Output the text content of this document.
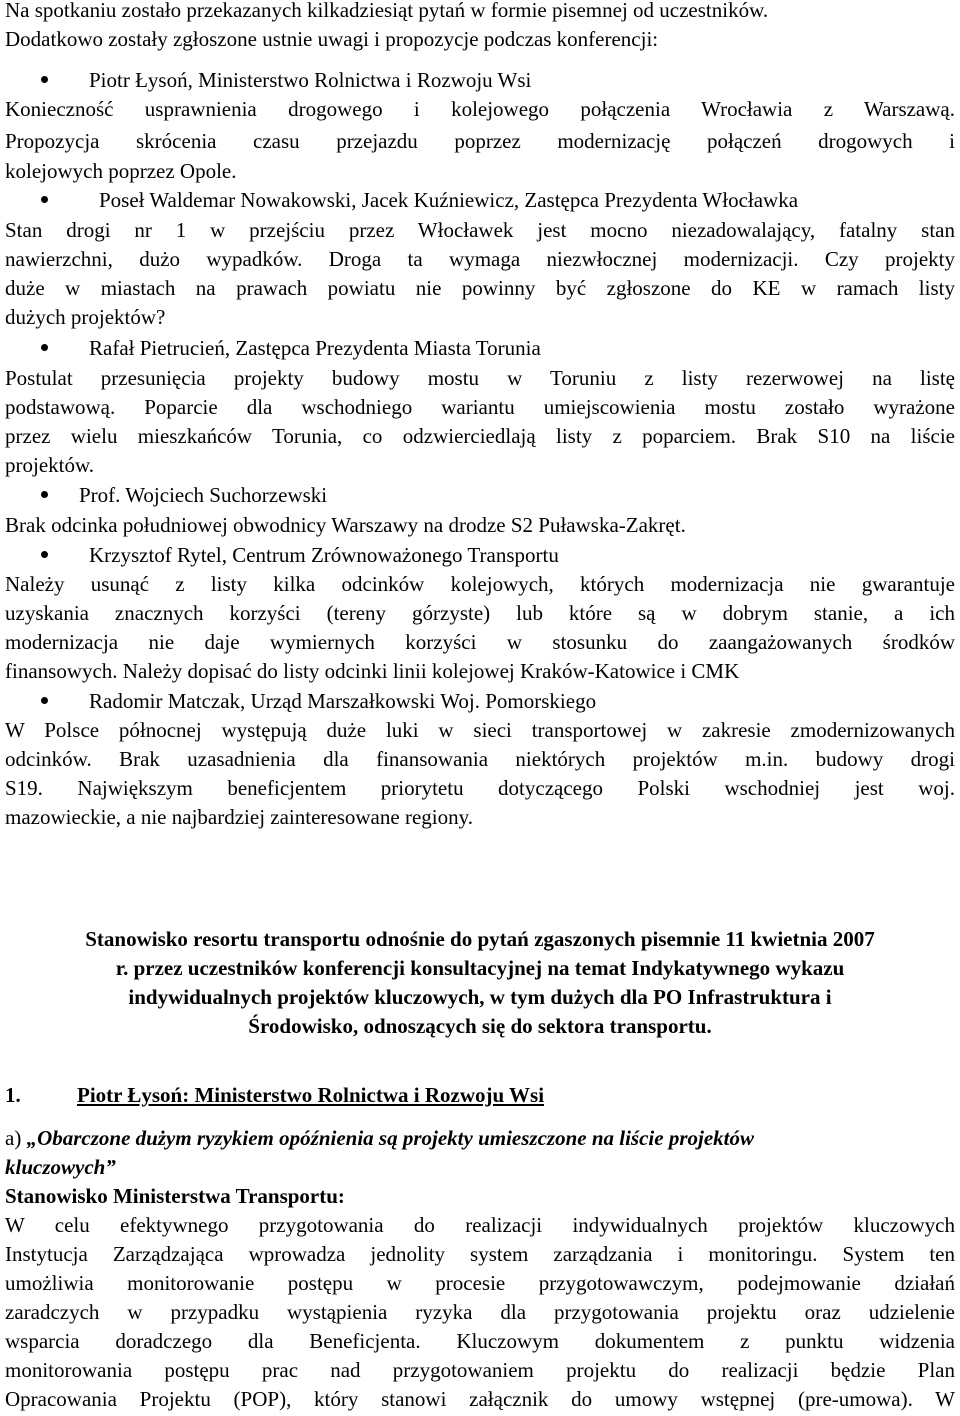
Na spotkaniu zostało przekazanych kilkadziesiąt pytań w formie pisemnej od uczestników.
Dodatkowo zostały zgłoszone ustnie uwagi i propozycje podczas konferencji:
Piotr Łysoń, Ministerstwo Rolnictwa i Rozwoju Wsi
Konieczność usprawnienia drogowego i kolejowego połączenia Wrocławia z Warszawą.
Propozycja skrócenia czasu przejazdu poprzez modernizację połączeń drogowych i
kolejowych poprzez Opole.
Poseł Waldemar Nowakowski, Jacek Kuźniewicz, Zastępca Prezydenta Włocławka
Stan drogi nr 1 w przejściu przez Włocławek jest mocno niezadowalający, fatalny stan
nawierzchni, dużo wypadków. Droga ta wymaga niezwłocznej modernizacji. Czy projekty
duże w miastach na prawach powiatu nie powinny być zgłoszone do KE w ramach listy
dużych projektów?
Rafał Pietrucień, Zastępca Prezydenta Miasta Torunia
Postulat przesunięcia projekty budowy mostu w Toruniu z listy rezerwowej na listę
podstawową. Poparcie dla wschodniego wariantu umiejscowienia mostu zostało wyrażone
przez wielu mieszkańców Torunia, co odzwierciedlają listy z poparciem. Brak S10 na liście
projektów.
Prof. Wojciech Suchorzewski
Brak odcinka południowej obwodnicy Warszawy na drodze S2 Puławska-Zakręt.
Krzysztof Rytel, Centrum Zrównoważonego Transportu
Należy usunąć z listy kilka odcinków kolejowych, których modernizacja nie gwarantuje
uzyskania znacznych korzyści (tereny górzyste) lub które są w dobrym stanie, a ich
modernizacja nie daje wymiernych korzyści w stosunku do zaangażowanych środków
finansowych. Należy dopisać do listy odcinki linii kolejowej Kraków-Katowice i CMK
Radomir Matczak, Urząd Marszałkowski Woj. Pomorskiego
W Polsce północnej występują duże luki w sieci transportowej w zakresie zmodernizowanych
odcinków. Brak uzasadnienia dla finansowania niektórych projektów m.in. budowy drogi
S19. Największym beneficjentem priorytetu dotyczącego Polski wschodniej jest woj.
mazowieckie, a nie najbardziej zainteresowane regiony.
Stanowisko resortu transportu odnośnie do pytań zgaszonych pisemnie 11 kwietnia 2007
r. przez uczestników konferencji konsultacyjnej na temat Indykatywnego wykazu
indywidualnych projektów kluczowych, w tym dużych dla PO Infrastruktura i
Środowisko, odnoszących się do sektora transportu.
1.	Piotr Łysoń: Ministerstwo Rolnictwa i Rozwoju Wsi
a) „Obarczone dużym ryzykiem opóźnienia są projekty umieszczone na liście projektów
kluczowych”
Stanowisko Ministerstwa Transportu:
W celu efektywnego przygotowania do realizacji indywidualnych projektów kluczowych
Instytucja Zarządzająca wprowadza jednolity system zarządzania i monitoringu. System ten
umożliwia monitorowanie postępu w procesie przygotowawczym, podejmowanie działań
zaradczych w przypadku wystąpienia ryzyka dla przygotowania projektu oraz udzielenie
wsparcia doradczego dla Beneficjenta. Kluczowym dokumentem z punktu widzenia
monitorowania postępu prac nad przygotowaniem projektu do realizacji będzie Plan
Opracowania Projektu (POP), który stanowi załącznik do umowy wstępnej (pre-umowa). W
